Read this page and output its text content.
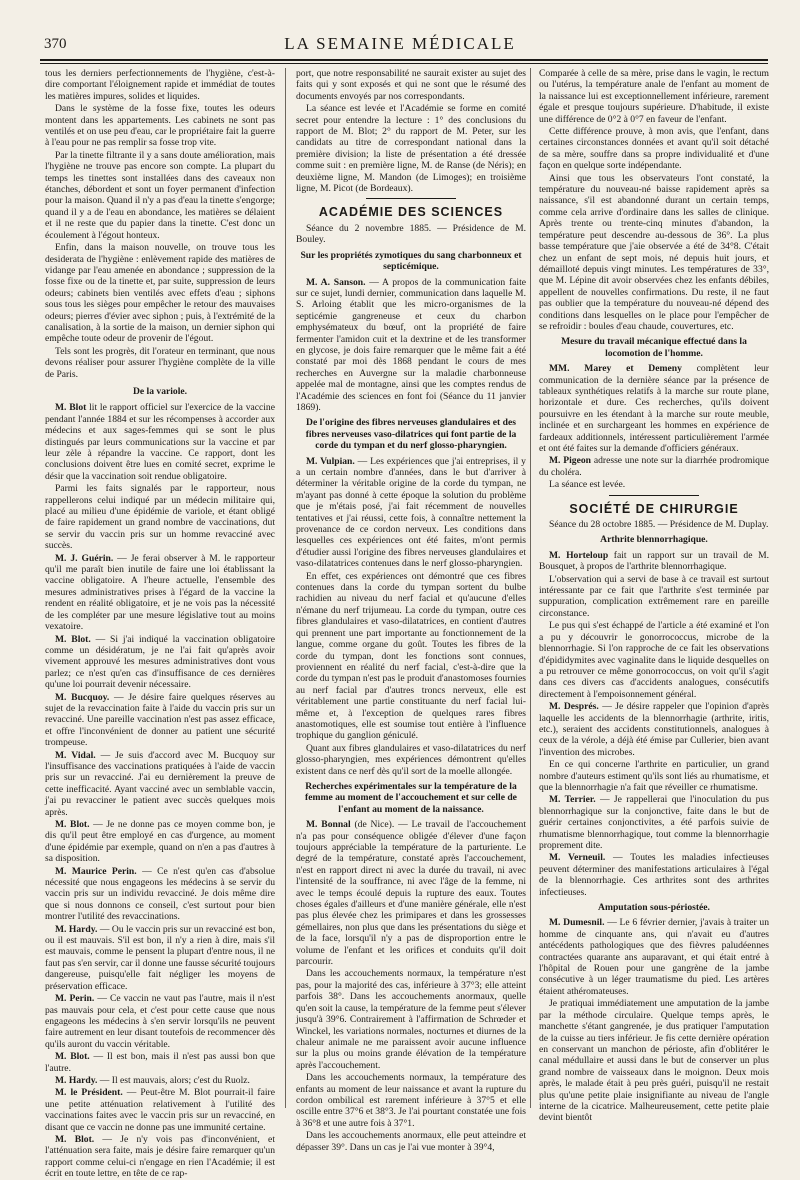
370	LA SEMAINE MÉDICALE

tous les derniers perfectionnements de l'hygiène, c'est-à-dire comportant l'éloignement rapide et immédiat de toutes les matières impures, solides et liquides.

Dans le système de la fosse fixe, toutes les odeurs montent dans les appartements. Les cabinets ne sont pas ventilés et on use peu d'eau, car le propriétaire fait la guerre à l'eau pour ne pas remplir sa fosse trop vite.

Par la tinette filtrante il y a sans doute amélioration, mais l'hygiène ne trouve pas encore son compte. La plupart du temps les tinettes sont installées dans des caveaux non étanches, débordent et sont un foyer permanent d'infection pour la maison. Quand il n'y a pas d'eau la tinette s'engorge; quand il y a de l'eau en abondance, les matières se délaient et il ne reste que du papier dans la tinette. C'est donc un écoulement à l'égout honteux.

Enfin, dans la maison nouvelle, on trouve tous les desiderata de l'hygiène : enlèvement rapide des matières de vidange par l'eau amenée en abondance ; suppression de la fosse fixe ou de la tinette et, par suite, suppression de leurs odeurs; cabinets bien ventilés avec effets d'eau ; siphons sous tous les sièges pour empêcher le retour des mauvaises odeurs; pierres d'évier avec siphon ; puis, à l'extrémité de la canalisation, à la sortie de la maison, un dernier siphon qui empêche toute odeur de provenir de l'égout.

Tels sont les progrès, dit l'orateur en terminant, que nous devons réaliser pour assurer l'hygiène complète de la ville de Paris.

De la variole.

M. Blot lit le rapport officiel sur l'exercice de la vaccine pendant l'année 1884 et sur les récompenses à accorder aux médecins et aux sages-femmes qui se sont le plus distingués par leurs communications sur la vaccine et par leur zèle à répandre la vaccine. Ce rapport, dont les conclusions doivent être lues en comité secret, exprime le désir que la vaccination soit rendue obligatoire.

Parmi les faits signalés par le rapporteur, nous rappellerons celui indiqué par un médecin militaire qui, placé au milieu d'une épidémie de variole, et étant obligé de faire rapidement un grand nombre de vaccinations, dut se servir du vaccin pris sur un homme revacciné avec succès.

M. J. Guérin. — Je ferai observer à M. le rapporteur qu'il me paraît bien inutile de faire une loi établissant la vaccine obligatoire. A l'heure actuelle, l'ensemble des mesures administratives prises à l'égard de la vaccine la rendent en réalité obligatoire, et je ne vois pas la nécessité de les compléter par une mesure législative tout au moins vexatoire.

M. Blot. — Si j'ai indiqué la vaccination obligatoire comme un désidératum, je ne l'ai fait qu'après avoir vivement approuvé les mesures administratives dont vous parlez; ce n'est qu'en cas d'insuffisance de ces dernières qu'une loi pourrait devenir nécessaire.

M. Bucquoy. — Je désire faire quelques réserves au sujet de la revaccination faite à l'aide du vaccin pris sur un revacciné. Une pareille vaccination n'est pas assez efficace, et offre l'inconvénient de donner au patient une sécurité trompeuse.

M. Vidal. — Je suis d'accord avec M. Bucquoy sur l'insuffisance des vaccinations pratiquées à l'aide de vaccin pris sur un revacciné. J'ai eu dernièrement la preuve de cette inefficacité. Ayant vacciné avec un semblable vaccin, j'ai pu revacciner le patient avec succès quelques mois après.

M. Blot. — Je ne donne pas ce moyen comme bon, je dis qu'il peut être employé en cas d'urgence, au moment d'une épidémie par exemple, quand on n'en a pas d'autres à sa disposition.

M. Maurice Perin. — Ce n'est qu'en cas d'absolue nécessité que nous engageons les médecins à se servir du vaccin pris sur un individu revacciné. Je dois même dire que si nous donnons ce conseil, c'est surtout pour bien montrer l'utilité des revaccinations.

M. Hardy. — Ou le vaccin pris sur un revacciné est bon, ou il est mauvais. S'il est bon, il n'y a rien à dire, mais s'il est mauvais, comme le pensent la plupart d'entre nous, il ne faut pas s'en servir, car il donne une fausse sécurité toujours dangereuse, puisqu'elle fait négliger les moyens de préservation efficace.

M. Perin. — Ce vaccin ne vaut pas l'autre, mais il n'est pas mauvais pour cela, et c'est pour cette cause que nous engageons les médecins à s'en servir lorsqu'ils ne peuvent faire autrement en leur disant toutefois de recommencer dès qu'ils auront du vaccin véritable.

M. Blot. — Il est bon, mais il n'est pas aussi bon que l'autre.

M. Hardy. — Il est mauvais, alors; c'est du Ruolz.

M. le Président. — Peut-être M. Blot pourrait-il faire une petite atténuation relativement à l'utilité des vaccinations faites avec le vaccin pris sur un revacciné, en disant que ce vaccin ne donne pas une immunité certaine.

M. Blot. — Je n'y vois pas d'inconvénient, et l'atténuation sera faite, mais je désire faire remarquer qu'un rapport comme celui-ci n'engage en rien l'Académie; il est écrit en toute lettre, en tête de ce rap-

port, que notre responsabilité ne saurait exister au sujet des faits qui y sont exposés et qui ne sont que le résumé des documents envoyés par nos correspondants.

La séance est levée et l'Académie se forme en comité secret pour entendre la lecture : 1° des conclusions du rapport de M. Blot; 2° du rapport de M. Peter, sur les candidats au titre de correspondant national dans la première division; la liste de présentation a été dressée comme suit : en première ligne, M. de Ranse (de Néris); en deuxième ligne, M. Mandon (de Limoges); en troisième ligne, M. Picot (de Bordeaux).

ACADÉMIE DES SCIENCES

Séance du 2 novembre 1885. — Présidence de M. Bouley.

Sur les propriétés zymotiques du sang charbonneux et septicémique.

M. A. Sanson. — A propos de la communication faite sur ce sujet, lundi dernier, communication dans laquelle M. S. Arloing établit que les micro-organismes de la septicémie gangreneuse et ceux du charbon emphysémateux du bœuf, ont la propriété de faire fermenter l'amidon cuit et la dextrine et de les transformer en glycose, je dois faire remarquer que le même fait a été constaté par moi dès 1868 pendant le cours de mes recherches en Auvergne sur la maladie charbonneuse appelée mal de montagne, ainsi que les comptes rendus de l'Académie des sciences en font foi (Séance du 11 janvier 1869).

De l'origine des fibres nerveuses glandulaires et des fibres nerveuses vaso-dilatrices qui font partie de la corde du tympan et du nerf glosso-pharyngien.

M. Vulpian. — Les expériences que j'ai entreprises, il y a un certain nombre d'années, dans le but d'arriver à déterminer la véritable origine de la corde du tympan, ne m'ayant pas donné à cette époque la solution du problème que je m'étais posé, j'ai fait récemment de nouvelles tentatives et j'ai réussi, cette fois, à connaître nettement la provenance de ce cordon nerveux. Les conditions dans lesquelles ces expériences ont été faites, m'ont permis d'étudier aussi l'origine des fibres nerveuses glandulaires et vaso-dilatatrices contenues dans le nerf glosso-pharyngien.

En effet, ces expériences ont démontré que ces fibres contenues dans la corde du tympan sortent du bulbe rachidien au niveau du nerf facial et qu'aucune d'elles n'émane du nerf trijumeau. La corde du tympan, outre ces fibres glandulaires et vaso-dilatatrices, en contient d'autres qui prennent une part importante au fonctionnement de la langue, comme organe du goût. Toutes les fibres de la corde du tympan, dont les fonctions sont connues, proviennent en réalité du nerf facial, c'est-à-dire que la corde du tympan n'est pas le produit d'anastomoses fournies au nerf facial par d'autres troncs nerveux, elle est véritablement une partie constituante du nerf facial lui-même et, à l'exception de quelques rares fibres anastomotiques, elle est soumise tout entière à l'influence trophique du ganglion géniculé.

Quant aux fibres glandulaires et vaso-dilatatrices du nerf glosso-pharyngien, mes expériences démontrent qu'elles existent dans ce nerf dès qu'il sort de la moelle allongée.

Recherches expérimentales sur la température de la femme au moment de l'accouchement et sur celle de l'enfant au moment de la naissance.

M. Bonnal (de Nice). — Le travail de l'accouchement n'a pas pour conséquence obligée d'élever d'une façon toujours appréciable la température de la parturiente. Le degré de la température, constaté après l'accouchement, n'est en rapport direct ni avec la durée du travail, ni avec l'intensité de la souffrance, ni avec l'âge de la femme, ni avec le temps écoulé depuis la rupture des eaux. Toutes choses égales d'ailleurs et d'une manière générale, elle n'est pas plus élevée chez les primipares et dans les grossesses gémellaires, non plus que dans les présentations du siège et de la face, lorsqu'il n'y a pas de disproportion entre le volume de l'enfant et les orifices et conduits qu'il doit parcourir.

Dans les accouchements normaux, la température n'est pas, pour la majorité des cas, inférieure à 37°3; elle atteint parfois 38°. Dans les accouchements anormaux, quelle qu'en soit la cause, la température de la femme peut s'élever jusqu'à 39°6. Contrairement à l'affirmation de Schrœder et Winckel, les variations normales, nocturnes et diurnes de la chaleur animale ne me paraissent avoir aucune influence sur la plus ou moins grande élévation de la température après l'accouchement.

Dans les accouchements normaux, la température des enfants au moment de leur naissance et avant la rupture du cordon ombilical est rarement inférieure à 37°5 et elle oscille entre 37°6 et 38°3. Je l'ai pourtant constatée une fois à 36°8 et une autre fois à 37°1.

Dans les accouchements anormaux, elle peut atteindre et dépasser 39°. Dans un cas je l'ai vue monter à 39°4,

Comparée à celle de sa mère, prise dans le vagin, le rectum ou l'utérus, la température anale de l'enfant au moment de la naissance lui est exceptionnellement inférieure, rarement égale et presque toujours supérieure. D'habitude, il existe une différence de 0°2 à 0°7 en faveur de l'enfant.

Cette différence prouve, à mon avis, que l'enfant, dans certaines circonstances données et avant qu'il soit détaché de sa mère, souffre dans sa propre individualité et d'une façon en quelque sorte indépendante.

Ainsi que tous les observateurs l'ont constaté, la température du nouveau-né baisse rapidement après sa naissance, s'il est abandonné durant un certain temps, comme cela arrive d'ordinaire dans les salles de clinique. Après trente ou trente-cinq minutes d'abandon, la température peut descendre au-dessous de 36°. La plus basse température que j'aie observée a été de 34°8. C'était chez un enfant de sept mois, né depuis huit jours, et démailloté depuis vingt minutes. Les températures de 33°, que M. Lépine dit avoir observées chez les enfants débiles, appellent de nouvelles confirmations. Du reste, il ne faut pas oublier que la température du nouveau-né dépend des conditions dans lesquelles on le place pour l'empêcher de se refroidir : boules d'eau chaude, couvertures, etc.

Mesure du travail mécanique effectué dans la locomotion de l'homme.

MM. Marey et Demeny complètent leur communication de la dernière séance par la présence de tableaux synthétiques relatifs à la marche sur route plane, horizontale et dure. Ces recherches, qu'ils doivent poursuivre en les étendant à la marche sur route meuble, inclinée et en surchargeant les hommes en expérience de fardeaux additionnels, intéressent particulièrement l'armée et ont été faites sur la demande d'officiers généraux.

M. Pigeon adresse une note sur la diarrhée prodromique du choléra.

La séance est levée.

SOCIÉTÉ DE CHIRURGIE

Séance du 28 octobre 1885. — Présidence de M. Duplay.

Arthrite blennorrhagique.

M. Horteloup fait un rapport sur un travail de M. Bousquet, à propos de l'arthrite blennorrhagique.

L'observation qui a servi de base à ce travail est surtout intéressante par ce fait que l'arthrite s'est terminée par suppuration, complication extrêmement rare en pareille circonstance.

Le pus qui s'est échappé de l'article a été examiné et l'on a pu y découvrir le gonorrococcus, microbe de la blennorrhagie. Si l'on rapproche de ce fait les observations d'épididymites avec vaginalite dans le liquide desquelles on a pu retrouver ce même gonorrococcus, on voit qu'il s'agit dans ces divers cas d'accidents analogues, consécutifs directement à l'empoisonnement général.

M. Després. — Je désire rappeler que l'opinion d'après laquelle les accidents de la blennorrhagie (arthrite, iritis, etc.), seraient des accidents constitutionnels, analogues à ceux de la vérole, a déjà été émise par Cullerier, bien avant l'invention des microbes.

En ce qui concerne l'arthrite en particulier, un grand nombre d'auteurs estiment qu'ils sont liés au rhumatisme, et que la blennorrhagie n'a fait que réveiller ce rhumatisme.

M. Terrier. — Je rappellerai que l'inoculation du pus blennorrhagique sur la conjonctive, faite dans le but de guérir certaines conjonctivites, a été parfois suivie de rhumatisme blennorrhagique, tout comme la blennorrhagie proprement dite.

M. Verneuil. — Toutes les maladies infectieuses peuvent déterminer des manifestations articulaires à l'égal de la blennorrhagie. Ces arthrites sont des arthrites infectieuses.

Amputation sous-périostée.

M. Dumesnil. — Le 6 février dernier, j'avais à traiter un homme de cinquante ans, qui n'avait eu d'autres antécédents pathologiques que des fièvres paludéennes contractées quarante ans auparavant, et qui était entré à l'hôpital de Rouen pour une gangrène de la jambe consécutive à un léger traumatisme du pied. Les artères étaient athéromateuses.

Je pratiquai immédiatement une amputation de la jambe par la méthode circulaire. Quelque temps après, le manchette s'étant gangrenée, je dus pratiquer l'amputation de la cuisse au tiers inférieur. Je fis cette dernière opération en conservant un manchon de périoste, afin d'oblitérer le canal médullaire et aussi dans le but de conserver un plus grand nombre de vaisseaux dans le moignon. Deux mois après, le malade était à peu près guéri, puisqu'il ne restait plus qu'une petite plaie insignifiante au niveau de l'angle interne de la cicatrice. Malheureusement, cette petite plaie devint bientôt
